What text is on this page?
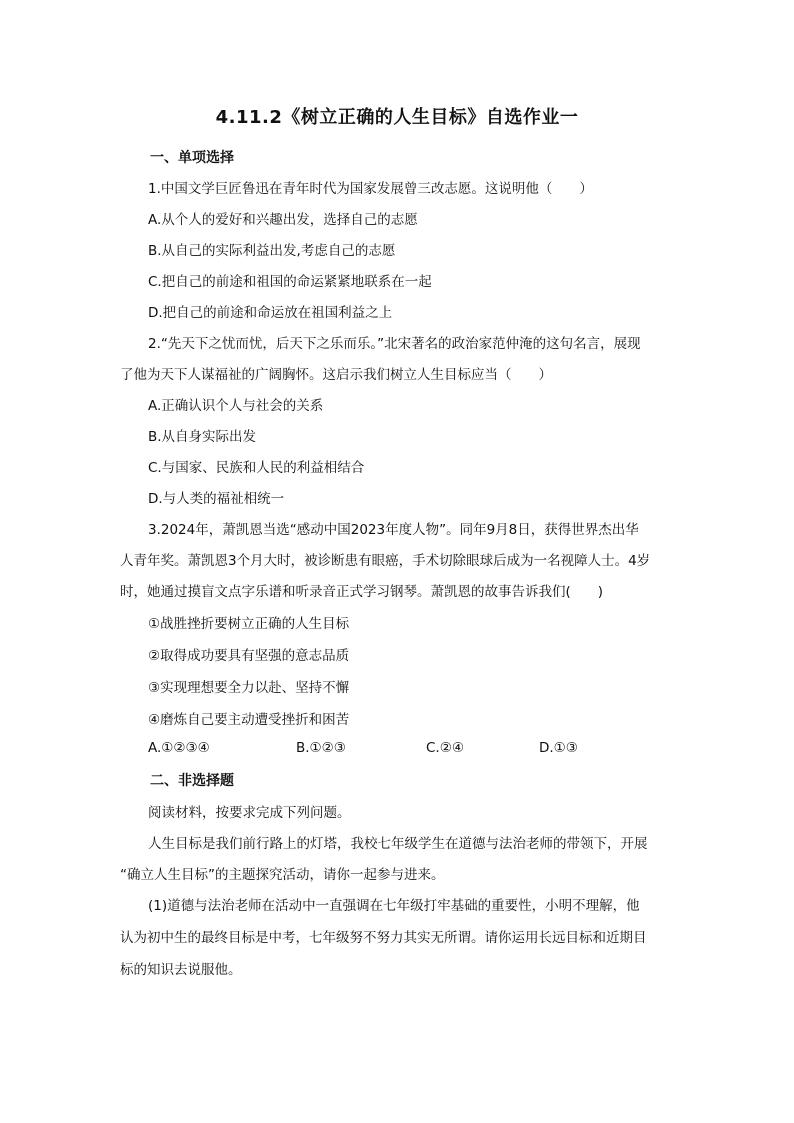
4.11.2《树立正确的人生目标》自选作业一
一、单项选择
1.中国文学巨匠鲁迅在青年时代为国家发展曾三改志愿。这说明他（　　）
A.从个人的爱好和兴趣出发，选择自己的志愿
B.从自己的实际利益出发,考虑自己的志愿
C.把自己的前途和祖国的命运紧紧地联系在一起
D.把自己的前途和命运放在祖国利益之上
2.“先天下之忧而忧，后天下之乐而乐。”北宋著名的政治家范仲淹的这句名言，展现
了他为天下人谋福祉的广阔胸怀。这启示我们树立人生目标应当（　　）
A.正确认识个人与社会的关系
B.从自身实际出发
C.与国家、民族和人民的利益相结合
D.与人类的福祉相统一
3.2024年，萧凯恩当选“感动中国2023年度人物”。同年9月8日，获得世界杰出华
人青年奖。萧凯恩3个月大时，被诊断患有眼癌，手术切除眼球后成为一名视障人士。4岁
时，她通过摸盲文点字乐谱和听录音正式学习钢琴。萧凯恩的故事告诉我们(　　)
①战胜挫折要树立正确的人生目标
②取得成功要具有坚强的意志品质
③实现理想要全力以赴、坚持不懈
④磨炼自己要主动遭受挫折和困苦
A.①②③④	B.①②③	C.②④	D.①③
二、非选择题
阅读材料，按要求完成下列问题。
人生目标是我们前行路上的灯塔，我校七年级学生在道德与法治老师的带领下，开展
“确立人生目标”的主题探究活动，请你一起参与进来。
(1)道德与法治老师在活动中一直强调在七年级打牢基础的重要性，小明不理解，他
认为初中生的最终目标是中考，七年级努不努力其实无所谓。请你运用长远目标和近期目
标的知识去说服他。
